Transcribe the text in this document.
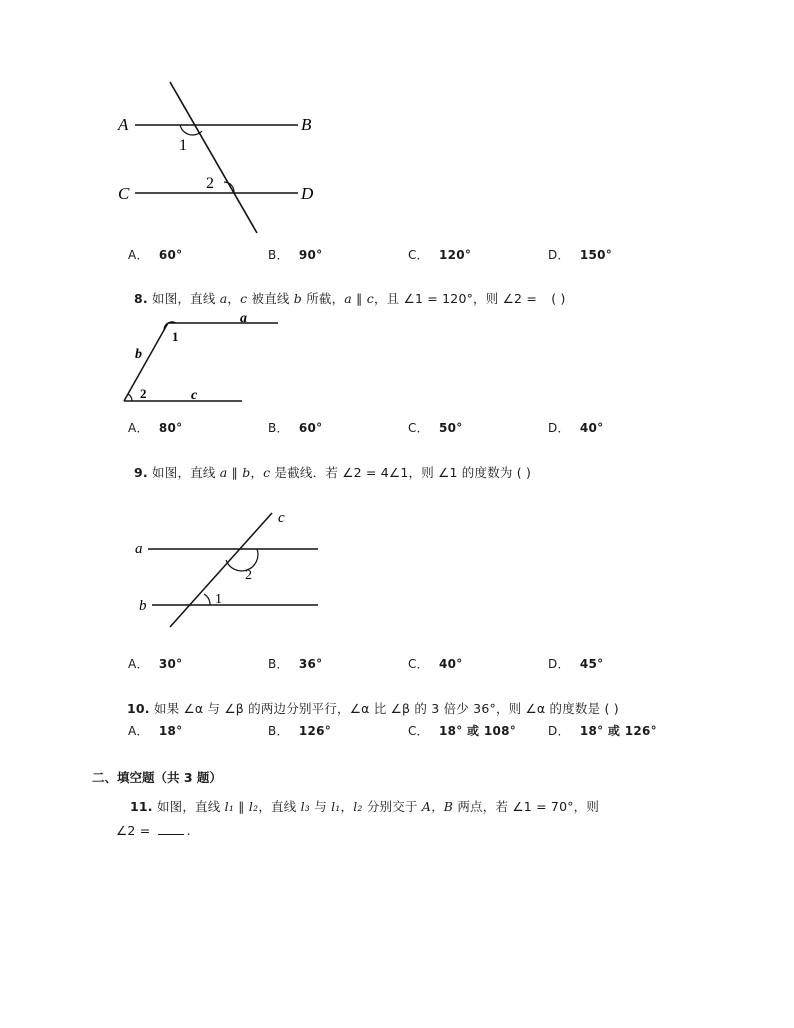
A	B
C	D
1
2
A． 60°	B． 90°	C． 120°	D． 150°
8. 如图，直线 a，c 被直线 b 所截，a ∥ c，且 ∠1 = 120°，则 ∠2 = ( )
a
b
c
1
2
A． 80°	B． 60°	C． 50°	D． 40°
9. 如图，直线 a ∥ b，c 是截线．若 ∠2 = 4∠1，则 ∠1 的度数为 ( )
a
b
c
1
2
A． 30°	B． 36°	C． 40°	D． 45°
10. 如果 ∠α 与 ∠β 的两边分别平行，∠α 比 ∠β 的 3 倍少 36°，则 ∠α 的度数是 ( )
A． 18°	B． 126°	C． 18° 或 108°	D． 18° 或 126°
二、填空题（共 3 题）
11. 如图，直线 l₁ ∥ l₂，直线 l₃ 与 l₁，l₂ 分别交于 A，B 两点，若 ∠1 = 70°，则
∠2 =	.
